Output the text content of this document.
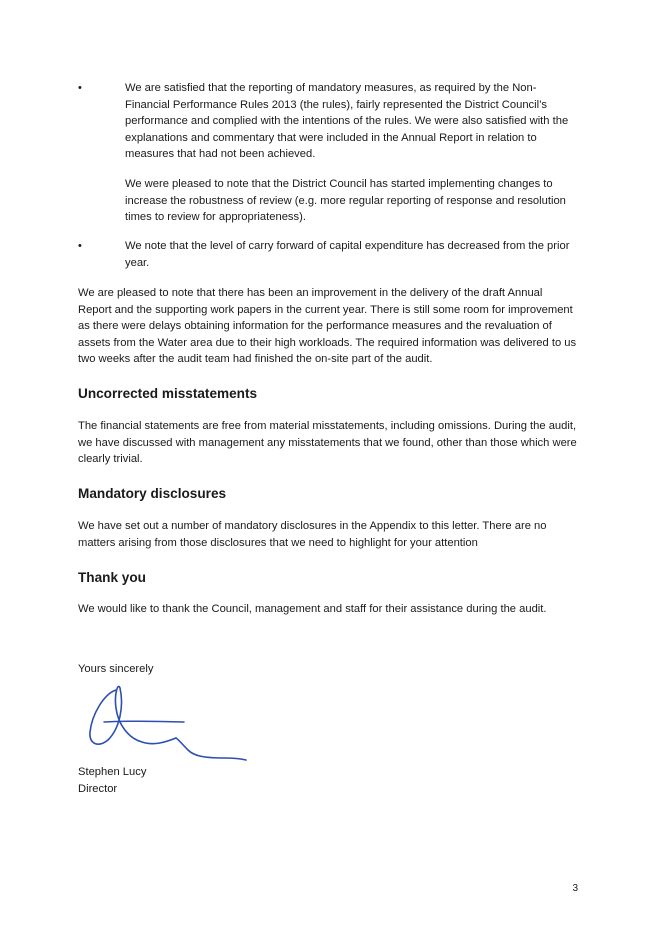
•	We are satisfied that the reporting of mandatory measures, as required by the Non-Financial Performance Rules 2013 (the rules), fairly represented the District Council’s performance and complied with the intentions of the rules. We were also satisfied with the explanations and commentary that were included in the Annual Report in relation to measures that had not been achieved.
We were pleased to note that the District Council has started implementing changes to increase the robustness of review (e.g. more regular reporting of response and resolution times to review for appropriateness).
•	We note that the level of carry forward of capital expenditure has decreased from the prior year.
We are pleased to note that there has been an improvement in the delivery of the draft Annual Report and the supporting work papers in the current year. There is still some room for improvement as there were delays obtaining information for the performance measures and the revaluation of assets from the Water area due to their high workloads. The required information was delivered to us two weeks after the audit team had finished the on-site part of the audit.
Uncorrected misstatements
The financial statements are free from material misstatements, including omissions. During the audit, we have discussed with management any misstatements that we found, other than those which were clearly trivial.
Mandatory disclosures
We have set out a number of mandatory disclosures in the Appendix to this letter. There are no matters arising from those disclosures that we need to highlight for your attention
Thank you
We would like to thank the Council, management and staff for their assistance during the audit.
Yours sincerely
Stephen Lucy
Director
3
